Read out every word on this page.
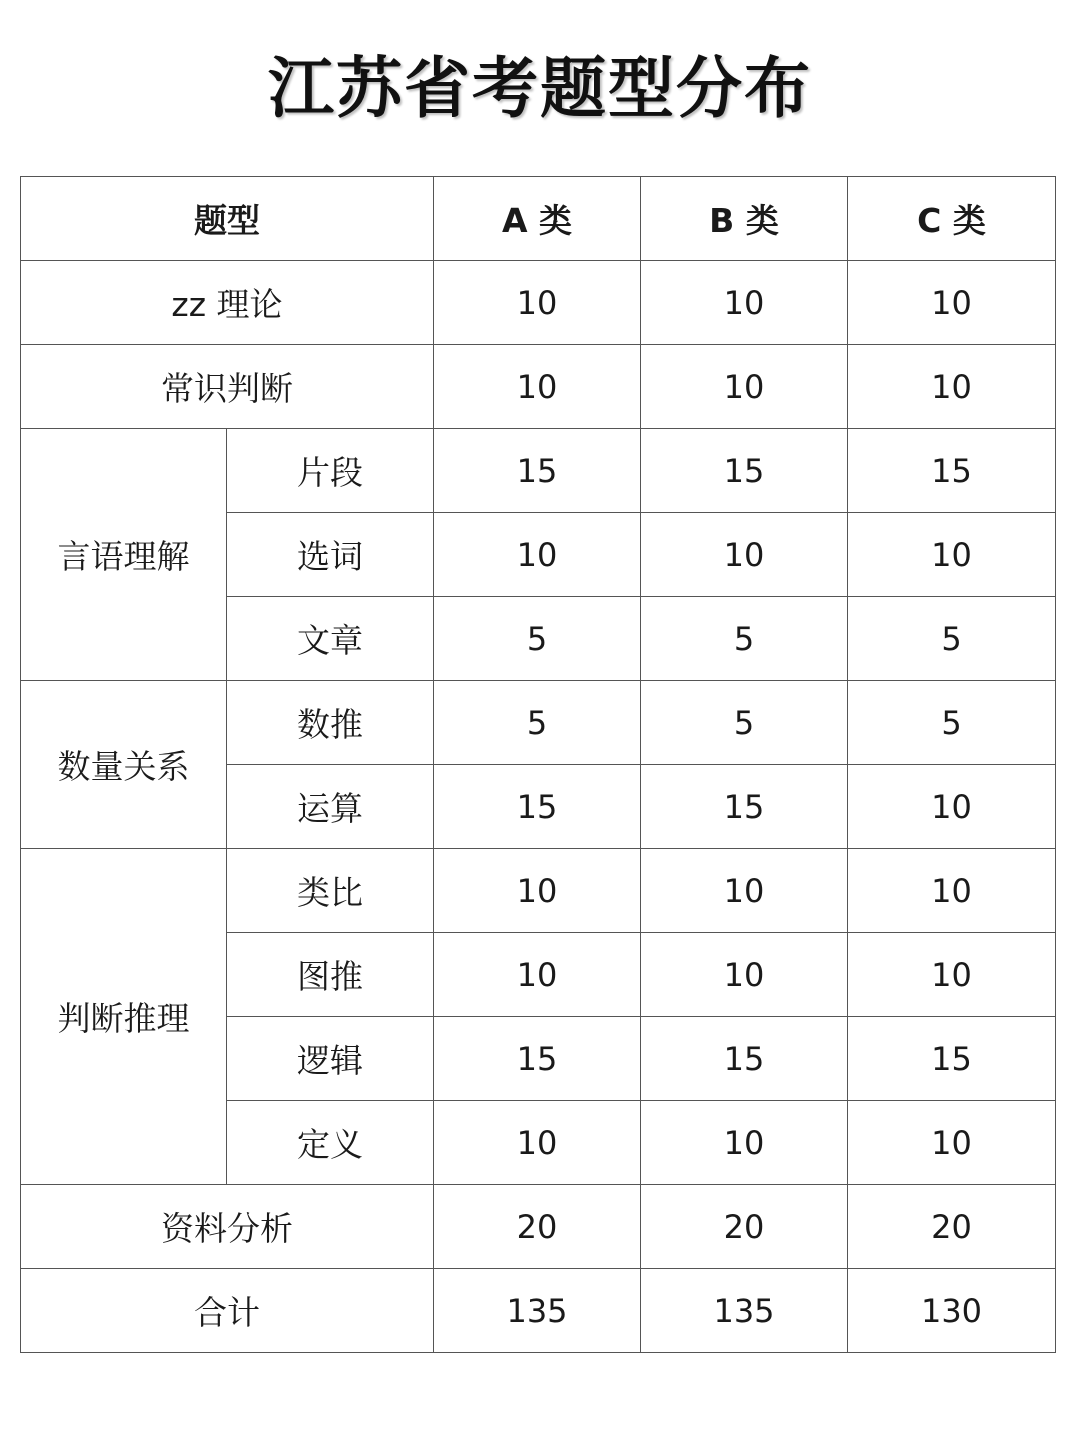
江苏省考题型分布
题型		A 类	B 类	C 类
zz 理论		10	10	10
常识判断		10	10	10
言语理解	片段	15	15	15
	选词	10	10	10
	文章	5	5	5
数量关系	数推	5	5	5
	运算	15	15	10
判断推理	类比	10	10	10
	图推	10	10	10
	逻辑	15	15	15
	定义	10	10	10
资料分析		20	20	20
合计		135	135	130
